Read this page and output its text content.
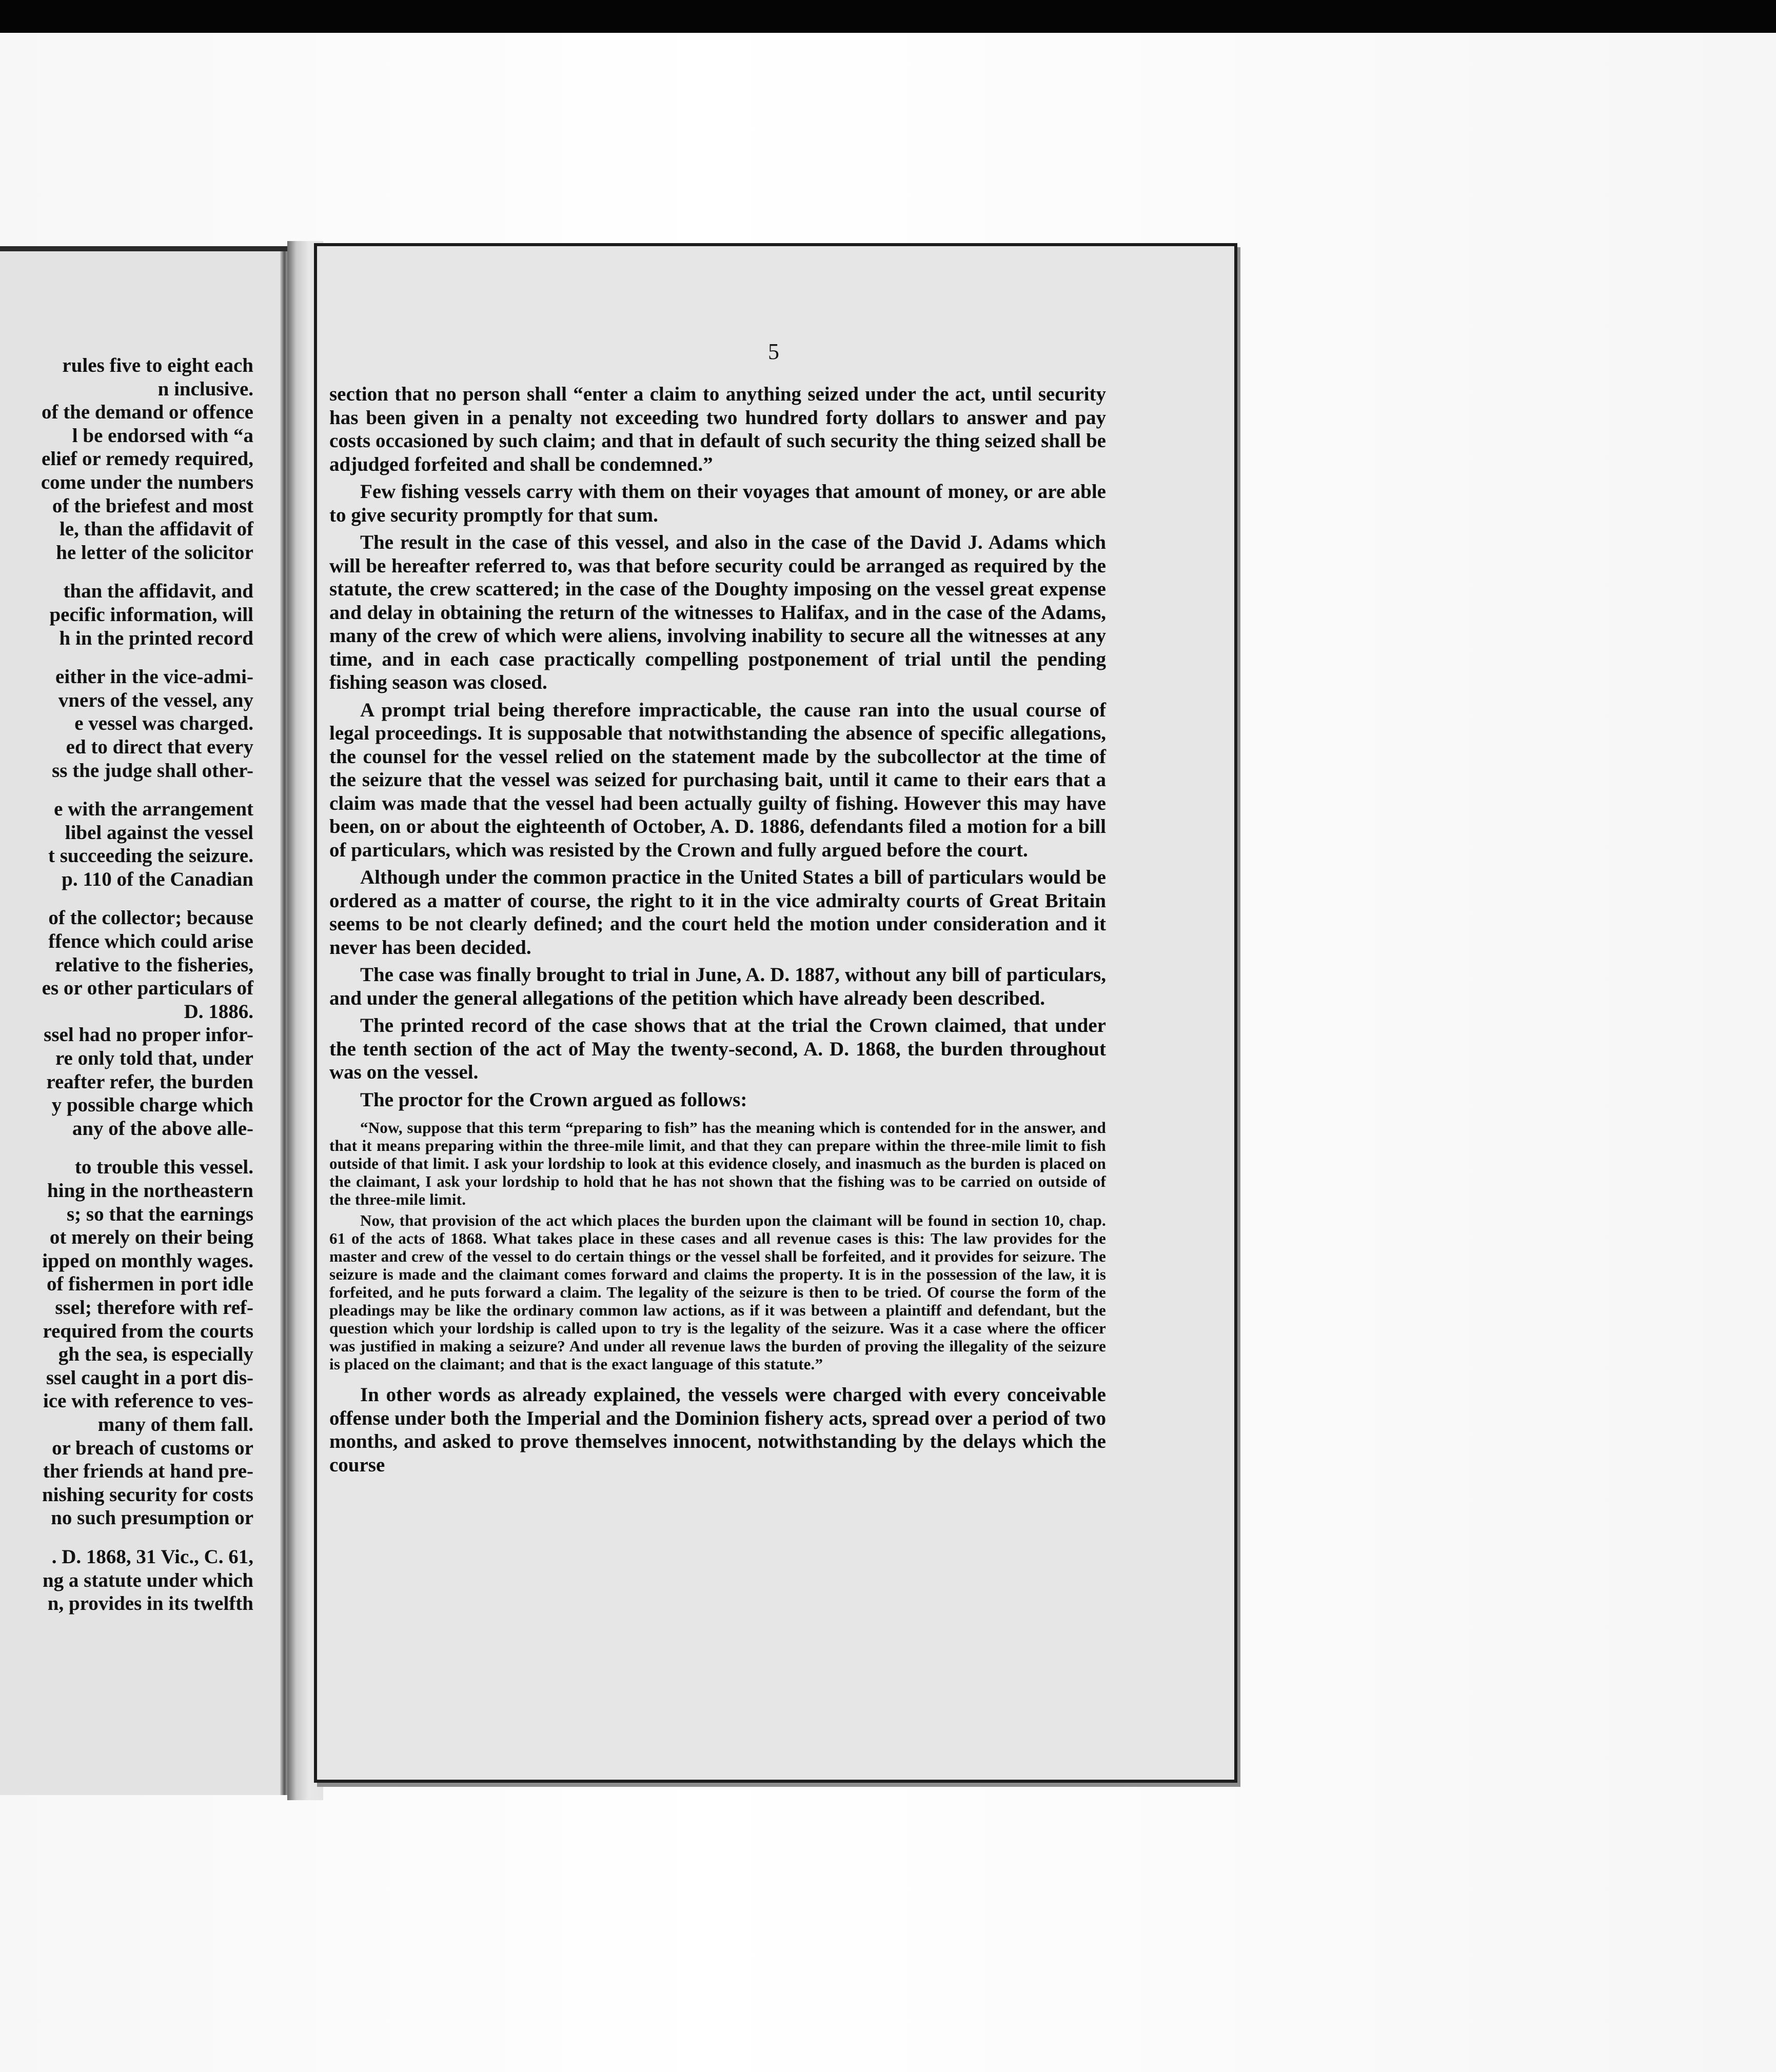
rules five to eight each
n inclusive.
of the demand or offence
l be endorsed with “a
elief or remedy required,
come under the numbers
of the briefest and most
le, than the affidavit of
he letter of the solicitor
than the affidavit, and
pecific information, will
h in the printed record
either in the vice-admi-
vners of the vessel, any
e vessel was charged.
ed to direct that every
ss the judge shall other-
e with the arrangement
libel against the vessel
t succeeding the seizure.
p. 110 of the Canadian
of the collector; because
ffence which could arise
relative to the fisheries,
es or other particulars of
D. 1886.
ssel had no proper infor-
re only told that, under
reafter refer, the burden
y possible charge which
any of the above alle-
to trouble this vessel.
hing in the northeastern
s; so that the earnings
ot merely on their being
ipped on monthly wages.
of fishermen in port idle
ssel; therefore with ref-
required from the courts
gh the sea, is especially
ssel caught in a port dis-
ice with reference to ves-
many of them fall.
or breach of customs or
ther friends at hand pre-
nishing security for costs
no such presumption or
. D. 1868, 31 Vic., C. 61,
ng a statute under which
n, provides in its twelfth
5

section that no person shall “enter a claim to anything seized under the act, until security has been given in a penalty not exceeding two hundred forty dollars to answer and pay costs occasioned by such claim; and that in default of such security the thing seized shall be adjudged forfeited and shall be condemned.”

Few fishing vessels carry with them on their voyages that amount of money, or are able to give security promptly for that sum.

The result in the case of this vessel, and also in the case of the David J. Adams which will be hereafter referred to, was that before security could be arranged as required by the statute, the crew scattered; in the case of the Doughty imposing on the vessel great expense and delay in obtaining the return of the witnesses to Halifax, and in the case of the Adams, many of the crew of which were aliens, involving inability to secure all the witnesses at any time, and in each case practically compelling postponement of trial until the pending fishing season was closed.

A prompt trial being therefore impracticable, the cause ran into the usual course of legal proceedings. It is supposable that notwithstanding the absence of specific allegations, the counsel for the vessel relied on the statement made by the subcollector at the time of the seizure that the vessel was seized for purchasing bait, until it came to their ears that a claim was made that the vessel had been actually guilty of fishing. However this may have been, on or about the eighteenth of October, A. D. 1886, defendants filed a motion for a bill of particulars, which was resisted by the Crown and fully argued before the court.

Although under the common practice in the United States a bill of particulars would be ordered as a matter of course, the right to it in the vice admiralty courts of Great Britain seems to be not clearly defined; and the court held the motion under consideration and it never has been decided.

The case was finally brought to trial in June, A. D. 1887, without any bill of particulars, and under the general allegations of the petition which have already been described.

The printed record of the case shows that at the trial the Crown claimed, that under the tenth section of the act of May the twenty-second, A. D. 1868, the burden throughout was on the vessel.

The proctor for the Crown argued as follows:

“Now, suppose that this term “preparing to fish” has the meaning which is contended for in the answer, and that it means preparing within the three-mile limit, and that they can prepare within the three-mile limit to fish outside of that limit. I ask your lordship to look at this evidence closely, and inasmuch as the burden is placed on the claimant, I ask your lordship to hold that he has not shown that the fishing was to be carried on outside of the three-mile limit.

Now, that provision of the act which places the burden upon the claimant will be found in section 10, chap. 61 of the acts of 1868. What takes place in these cases and all revenue cases is this: The law provides for the master and crew of the vessel to do certain things or the vessel shall be forfeited, and it provides for seizure. The seizure is made and the claimant comes forward and claims the property. It is in the possession of the law, it is forfeited, and he puts forward a claim. The legality of the seizure is then to be tried. Of course the form of the pleadings may be like the ordinary common law actions, as if it was between a plaintiff and defendant, but the question which your lordship is called upon to try is the legality of the seizure. Was it a case where the officer was justified in making a seizure? And under all revenue laws the burden of proving the illegality of the seizure is placed on the claimant; and that is the exact language of this statute.”

In other words as already explained, the vessels were charged with every conceivable offense under both the Imperial and the Dominion fishery acts, spread over a period of two months, and asked to prove themselves innocent, notwithstanding by the delays which the course
